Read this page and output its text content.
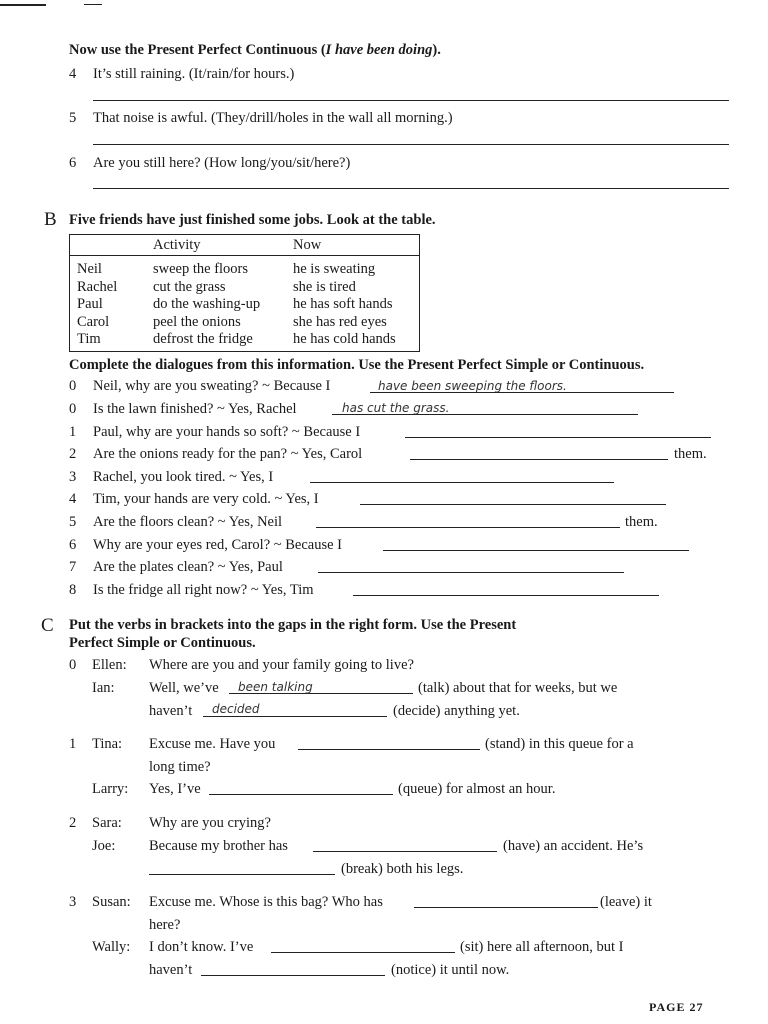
Now use the Present Perfect Continuous (I have been doing).
4 It’s still raining. (It/rain/for hours.)
5 That noise is awful. (They/drill/holes in the wall all morning.)
6 Are you still here? (How long/you/sit/here?)
B Five friends have just finished some jobs. Look at the table.
	Activity	Now
Neil	sweep the floors	he is sweating
Rachel	cut the grass	she is tired
Paul	do the washing-up	he has soft hands
Carol	peel the onions	she has red eyes
Tim	defrost the fridge	he has cold hands
Complete the dialogues from this information. Use the Present Perfect Simple or Continuous.
0 Neil, why are you sweating? ~ Because I	have been sweeping the floors.
0 Is the lawn finished? ~ Yes, Rachel	has cut the grass.
1 Paul, why are your hands so soft? ~ Because I
2 Are the onions ready for the pan? ~ Yes, Carol	them.
3 Rachel, you look tired. ~ Yes, I
4 Tim, your hands are very cold. ~ Yes, I
5 Are the floors clean? ~ Yes, Neil	them.
6 Why are your eyes red, Carol? ~ Because I
7 Are the plates clean? ~ Yes, Paul
8 Is the fridge all right now? ~ Yes, Tim
C Put the verbs in brackets into the gaps in the right form. Use the Present
Perfect Simple or Continuous.
0 Ellen: Where are you and your family going to live?
Ian: Well, we’ve been talking	(talk) about that for weeks, but we
haven’t decided	(decide) anything yet.
1 Tina: Excuse me. Have you	(stand) in this queue for a
long time?
Larry: Yes, I’ve	(queue) for almost an hour.
2 Sara: Why are you crying?
Joe: Because my brother has	(have) an accident. He’s
(break) both his legs.
3 Susan: Excuse me. Whose is this bag? Who has	(leave) it
here?
Wally: I don’t know. I’ve	(sit) here all afternoon, but I
haven’t	(notice) it until now.
PAGE 27
